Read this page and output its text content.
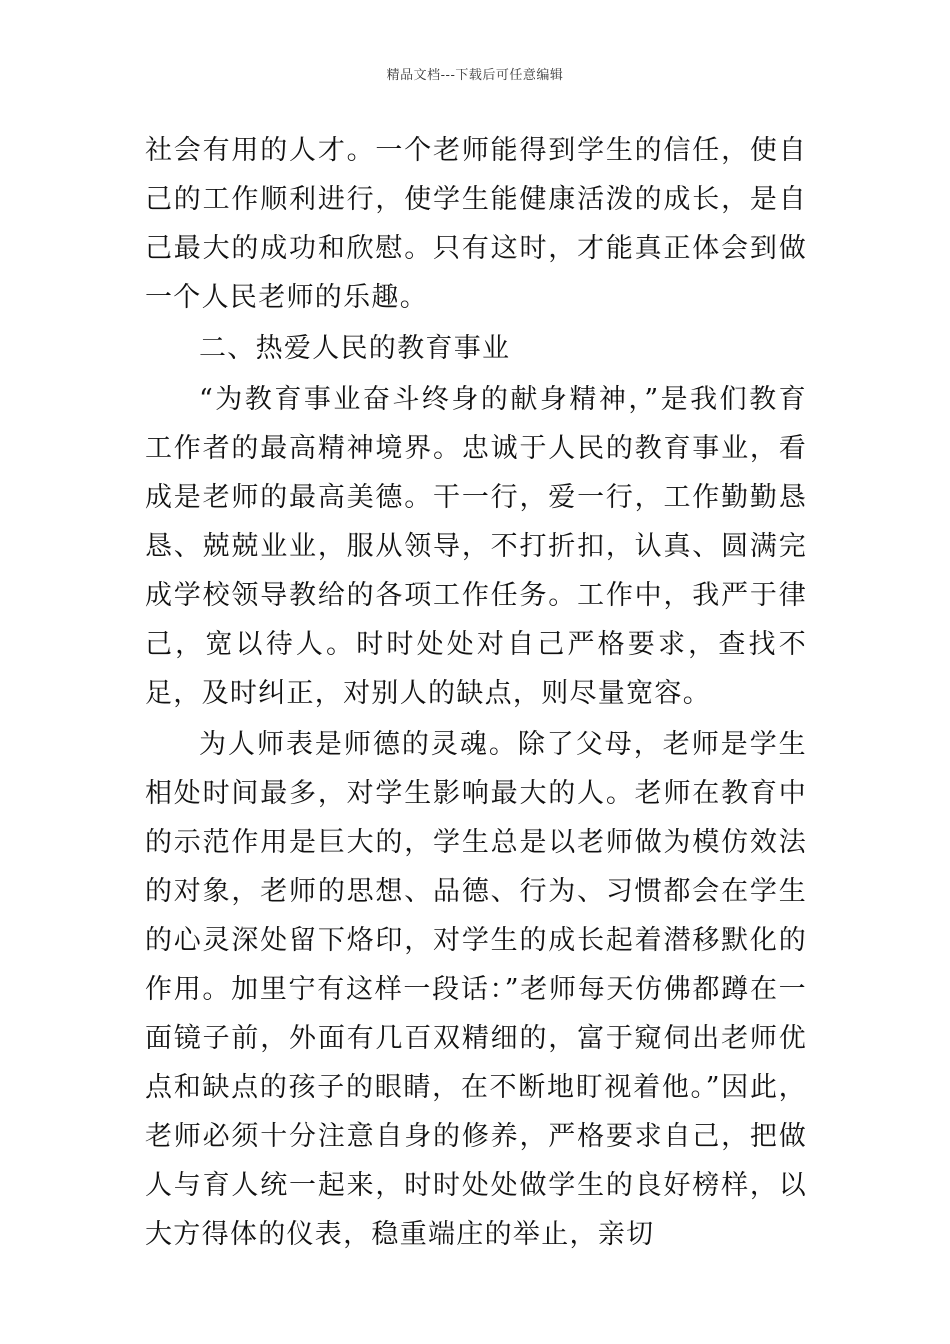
精品文档---下载后可任意编辑

社会有用的人才。一个老师能得到学生的信任，使自己的工作顺利进行，使学生能健康活泼的成长，是自己最大的成功和欣慰。只有这时，才能真正体会到做一个人民老师的乐趣。

二、热爱人民的教育事业

“为教育事业奋斗终身的献身精神，”是我们教育工作者的最高精神境界。忠诚于人民的教育事业，看成是老师的最高美德。干一行，爱一行，工作勤勤恳恳、兢兢业业，服从领导，不打折扣，认真、圆满完成学校领导教给的各项工作任务。工作中，我严于律己，宽以待人。时时处处对自己严格要求，查找不足，及时纠正，对别人的缺点，则尽量宽容。

为人师表是师德的灵魂。除了父母，老师是学生相处时间最多，对学生影响最大的人。老师在教育中的示范作用是巨大的，学生总是以老师做为模仿效法的对象，老师的思想、品德、行为、习惯都会在学生的心灵深处留下烙印，对学生的成长起着潜移默化的作用。加里宁有这样一段话：”老师每天仿佛都蹲在一面镜子前，外面有几百双精细的，富于窥伺出老师优点和缺点的孩子的眼睛，在不断地盯视着他。”因此，老师必须十分注意自身的修养，严格要求自己，把做人与育人统一起来，时时处处做学生的良好榜样，以大方得体的仪表，稳重端庄的举止，亲切
